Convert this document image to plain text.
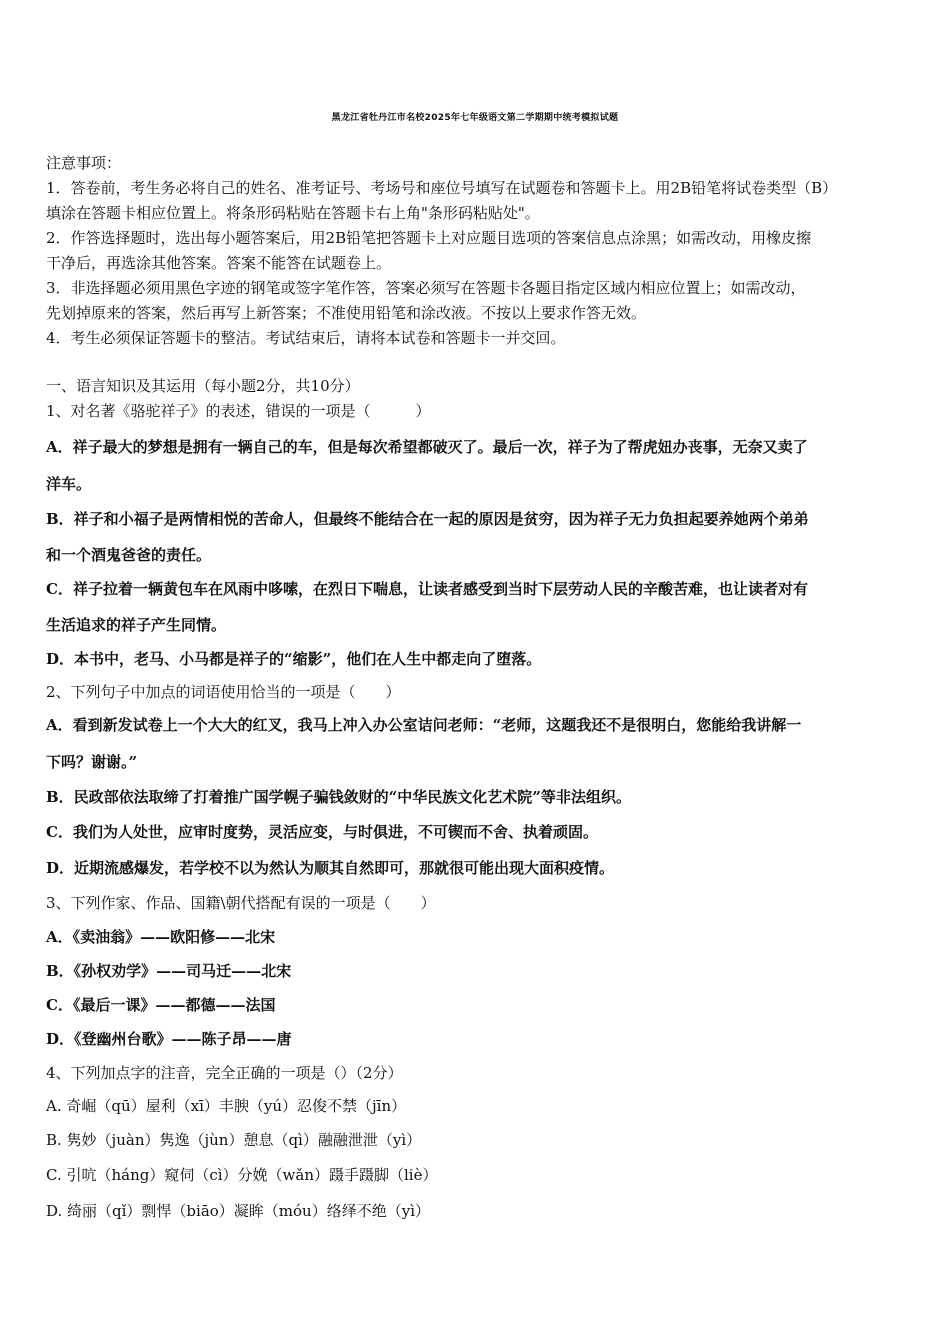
黑龙江省牡丹江市名校2025年七年级语文第二学期期中统考模拟试题
注意事项：
1．答卷前，考生务必将自己的姓名、准考证号、考场号和座位号填写在试题卷和答题卡上。用2B铅笔将试卷类型（B）
填涂在答题卡相应位置上。将条形码粘贴在答题卡右上角"条形码粘贴处"。
2．作答选择题时，选出每小题答案后，用2B铅笔把答题卡上对应题目选项的答案信息点涂黑；如需改动，用橡皮擦
干净后，再选涂其他答案。答案不能答在试题卷上。
3．非选择题必须用黑色字迹的钢笔或签字笔作答，答案必须写在答题卡各题目指定区域内相应位置上；如需改动，
先划掉原来的答案，然后再写上新答案；不准使用铅笔和涂改液。不按以上要求作答无效。
4．考生必须保证答题卡的整洁。考试结束后，请将本试卷和答题卡一并交回。
一、语言知识及其运用（每小题2分，共10分）
1、对名著《骆驼祥子》的表述，错误的一项是（　　　）
A．祥子最大的梦想是拥有一辆自己的车，但是每次希望都破灭了。最后一次，祥子为了帮虎妞办丧事，无奈又卖了
洋车。
B．祥子和小福子是两情相悦的苦命人，但最终不能结合在一起的原因是贫穷，因为祥子无力负担起要养她两个弟弟
和一个酒鬼爸爸的责任。
C．祥子拉着一辆黄包车在风雨中哆嗦，在烈日下喘息，让读者感受到当时下层劳动人民的辛酸苦难，也让读者对有
生活追求的祥子产生同情。
D．本书中，老马、小马都是祥子的“缩影”，他们在人生中都走向了堕落。
2、下列句子中加点的词语使用恰当的一项是（　　）
A．看到新发试卷上一个大大的红叉，我马上冲入办公室诘问老师：“老师，这题我还不是很明白，您能给我讲解一
下吗？谢谢。”
B．民政部依法取缔了打着推广国学幌子骗钱敛财的“中华民族文化艺术院”等非法组织。
C．我们为人处世，应审时度势，灵活应变，与时俱进，不可锲而不舍、执着顽固。
D．近期流感爆发，若学校不以为然认为顺其自然即可，那就很可能出现大面积疫情。
3、下列作家、作品、国籍\朝代搭配有误的一项是（　　）
A．《卖油翁》——欧阳修——北宋
B．《孙权劝学》——司马迁——北宋
C．《最后一课》——都德——法国
D．《登幽州台歌》——陈子昂——唐
4、下列加点字的注音，完全正确的一项是（）（2分）
A. 奇崛（qū）屋利（xī）丰腴（yú）忍俊不禁（jīn）
B. 隽妙（juàn）隽逸（jùn）憩息（qì）融融泄泄（yì）
C. 引吭（háng）窥伺（cì）分娩（wǎn）蹑手蹑脚（liè）
D. 绮丽（qǐ）剽悍（biāo）凝眸（móu）络绎不绝（yì）
